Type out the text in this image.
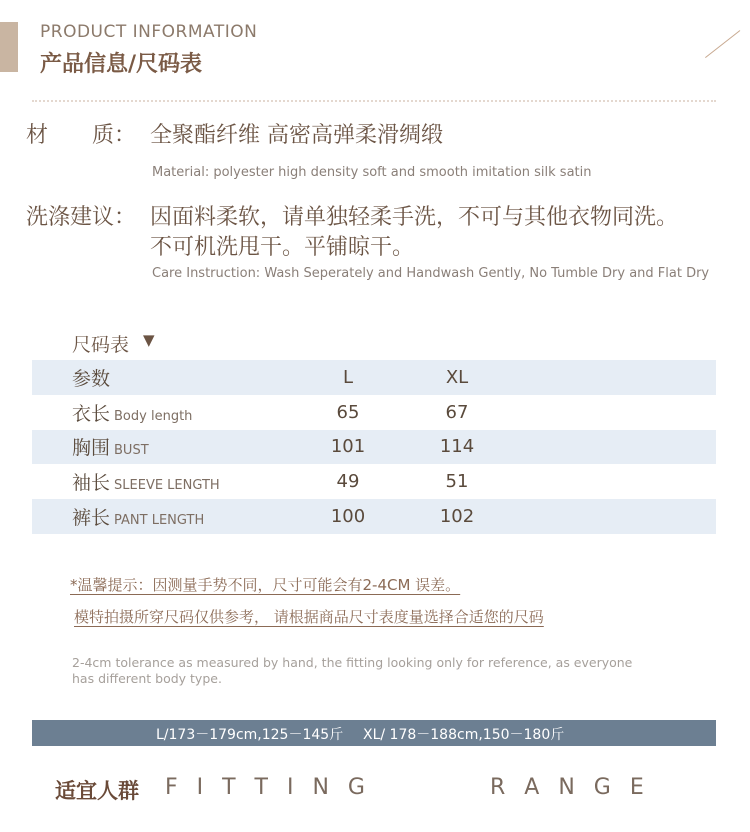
PRODUCT INFORMATION
产品信息/尺码表
材　　质： 全聚酯纤维 高密高弹柔滑绸缎
Material: polyester high density soft and smooth imitation silk satin
洗涤建议： 因面料柔软，请单独轻柔手洗，不可与其他衣物同洗。
不可机洗甩干。平铺晾干。
Care Instruction: Wash Seperately and Handwash Gently, No Tumble Dry and Flat Dry
尺码表 ▼
参数	L	XL
衣长 Body length	65	67
胸围 BUST	101	114
袖长 SLEEVE LENGTH	49	51
裤长 PANT LENGTH	100	102
*温馨提示：因测量手势不同，尺寸可能会有2-4CM 误差。
模特拍摄所穿尺码仅供参考， 请根据商品尺寸表度量选择合适您的尺码
2-4cm tolerance as measured by hand, the fitting looking only for reference, as everyone
has different body type.
L/173－179cm,125－145斤 XL/ 178－188cm,150－180斤
适宜人群 F I T T I N G	R A N G E
